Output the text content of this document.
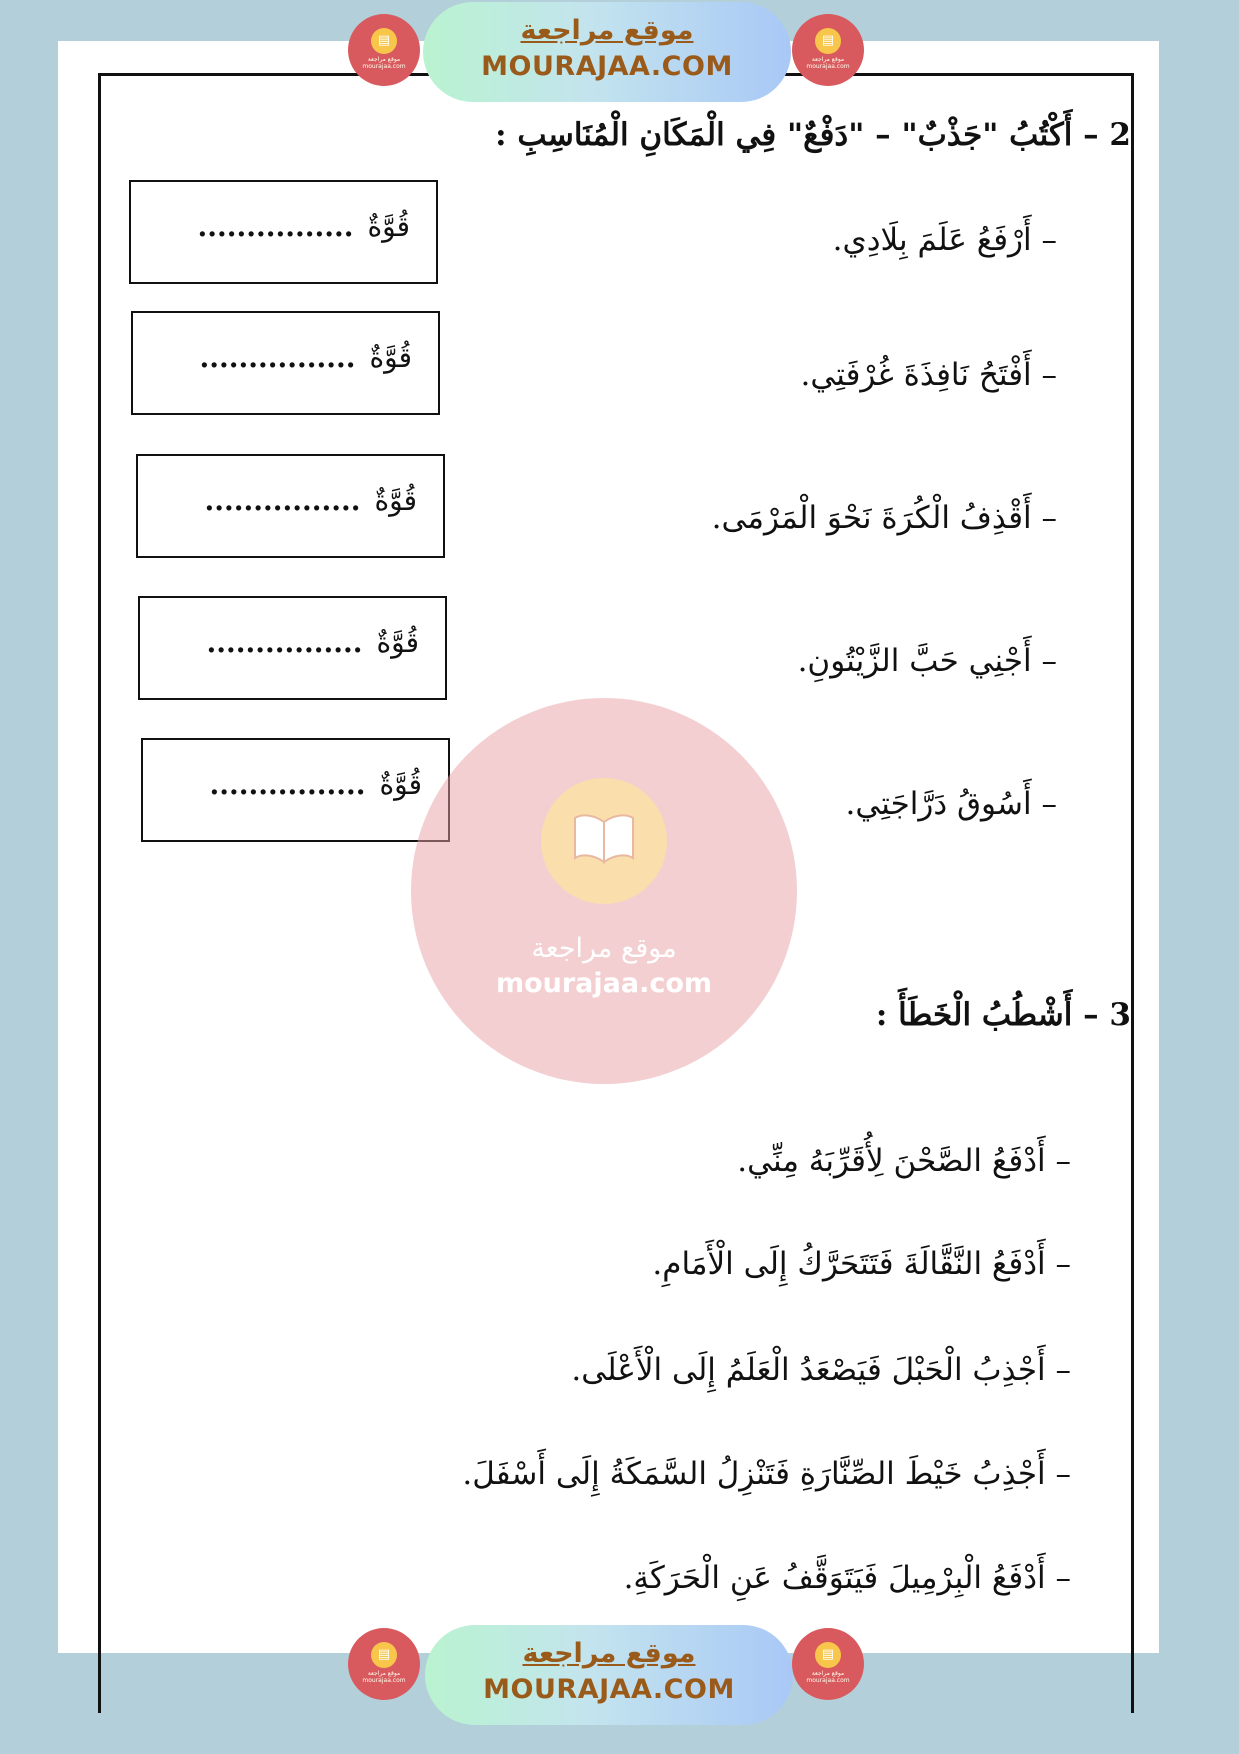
▤
موقع مراجعة mourajaa.com
موقع مراجعة
MOURAJAA.COM
▤
موقع مراجعة mourajaa.com
2 – أَكْتُبُ "جَذْبٌ" – "دَفْعٌ" فِي الْمَكَانِ الْمُنَاسِبِ :
– أَرْفَعُ عَلَمَ بِلَادِي.
– أَفْتَحُ نَافِذَةَ غُرْفَتِي.
– أَقْذِفُ الْكُرَةَ نَحْوَ الْمَرْمَى.
– أَجْنِي حَبَّ الزَّيْتُونِ.
– أَسُوقُ دَرَّاجَتِي.
قُوَّةٌ................
قُوَّةٌ................
قُوَّةٌ................
قُوَّةٌ................
قُوَّةٌ................
3 – أَشْطُبُ الْخَطَأَ :
– أَدْفَعُ الصَّحْنَ لِأُقَرِّبَهُ مِنِّي.
– أَدْفَعُ النَّقَّالَةَ فَتَتَحَرَّكُ إِلَى الْأَمَامِ.
– أَجْذِبُ الْحَبْلَ فَيَصْعَدُ الْعَلَمُ إِلَى الْأَعْلَى.
– أَجْذِبُ خَيْطَ الصِّنَّارَةِ فَتَنْزِلُ السَّمَكَةُ إِلَى أَسْفَلَ.
– أَدْفَعُ الْبِرْمِيلَ فَيَتَوَقَّفُ عَنِ الْحَرَكَةِ.
موقع مراجعة
mourajaa.com
▤
موقع مراجعة mourajaa.com
موقع مراجعة
MOURAJAA.COM
▤
موقع مراجعة mourajaa.com
